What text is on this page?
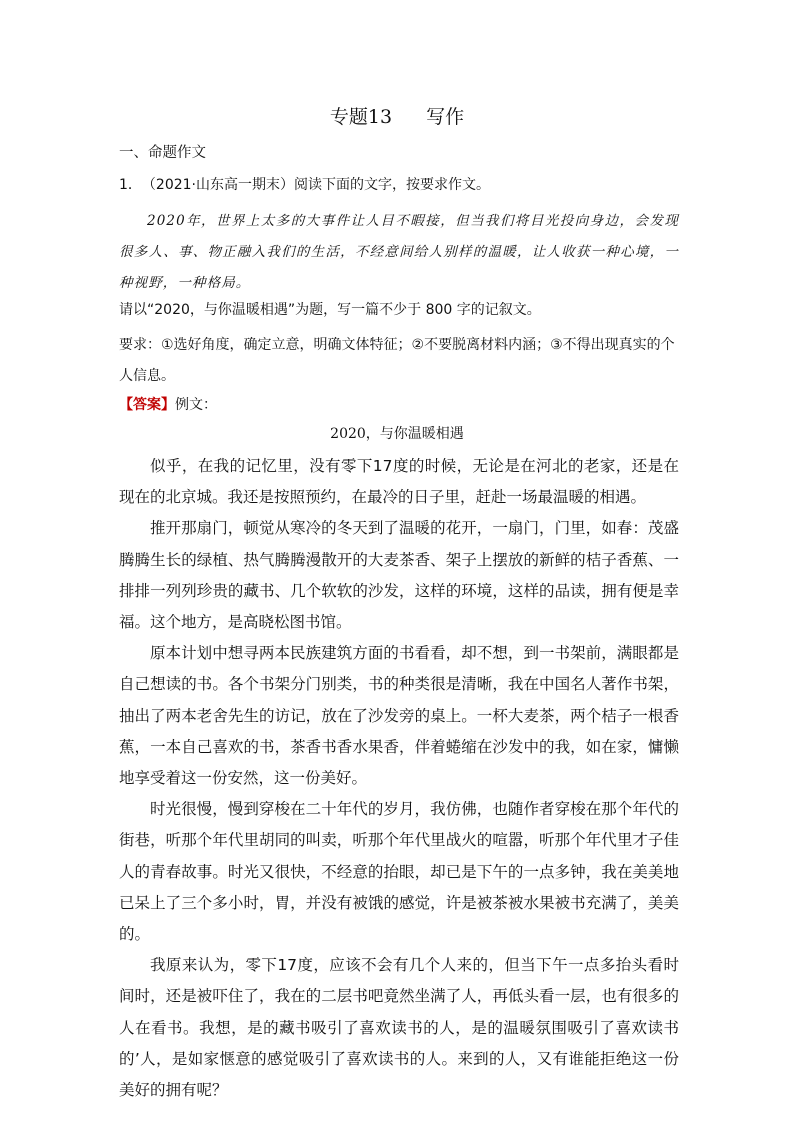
专题13 写作
一、命题作文
1．（2021·山东高一期末）阅读下面的文字，按要求作文。
2020年，世界上太多的大事件让人目不暇接，但当我们将目光投向身边，会发现很多人、事、物正融入我们的生活，不经意间给人别样的温暖，让人收获一种心境，一种视野，一种格局。
请以“2020，与你温暖相遇”为题，写一篇不少于 800 字的记叙文。
要求：①选好角度，确定立意，明确文体特征；②不要脱离材料内涵；③不得出现真实的个人信息。
【答案】例文：
2020，与你温暖相遇

似乎，在我的记忆里，没有零下17度的时候，无论是在河北的老家，还是在现在的北京城。我还是按照预约，在最冷的日子里，赶赴一场最温暖的相遇。

推开那扇门，顿觉从寒冷的冬天到了温暖的花开，一扇门，门里，如春：茂盛腾腾生长的绿植、热气腾腾漫散开的大麦茶香、架子上摆放的新鲜的桔子香蕉、一排排一列列珍贵的藏书、几个软软的沙发，这样的环境，这样的品读，拥有便是幸福。这个地方，是高晓松图书馆。

原本计划中想寻两本民族建筑方面的书看看，却不想，到一书架前，满眼都是自己想读的书。各个书架分门别类，书的种类很是清晰，我在中国名人著作书架，抽出了两本老舍先生的访记，放在了沙发旁的桌上。一杯大麦茶，两个桔子一根香蕉，一本自己喜欢的书，茶香书香水果香，伴着蜷缩在沙发中的我，如在家，慵懒地享受着这一份安然，这一份美好。

时光很慢，慢到穿梭在二十年代的岁月，我仿佛，也随作者穿梭在那个年代的街巷，听那个年代里胡同的叫卖，听那个年代里战火的喧嚣，听那个年代里才子佳人的青春故事。时光又很快，不经意的抬眼，却已是下午的一点多钟，我在美美地已呆上了三个多小时，胃，并没有被饿的感觉，许是被茶被水果被书充满了，美美的。

我原来认为，零下17度，应该不会有几个人来的，但当下午一点多抬头看时间时，还是被吓住了，我在的二层书吧竟然坐满了人，再低头看一层，也有很多的人在看书。我想，是的藏书吸引了喜欢读书的人，是的温暖氛围吸引了喜欢读书的’人，是如家惬意的感觉吸引了喜欢读书的人。来到的人，又有谁能拒绝这一份美好的拥有呢？
